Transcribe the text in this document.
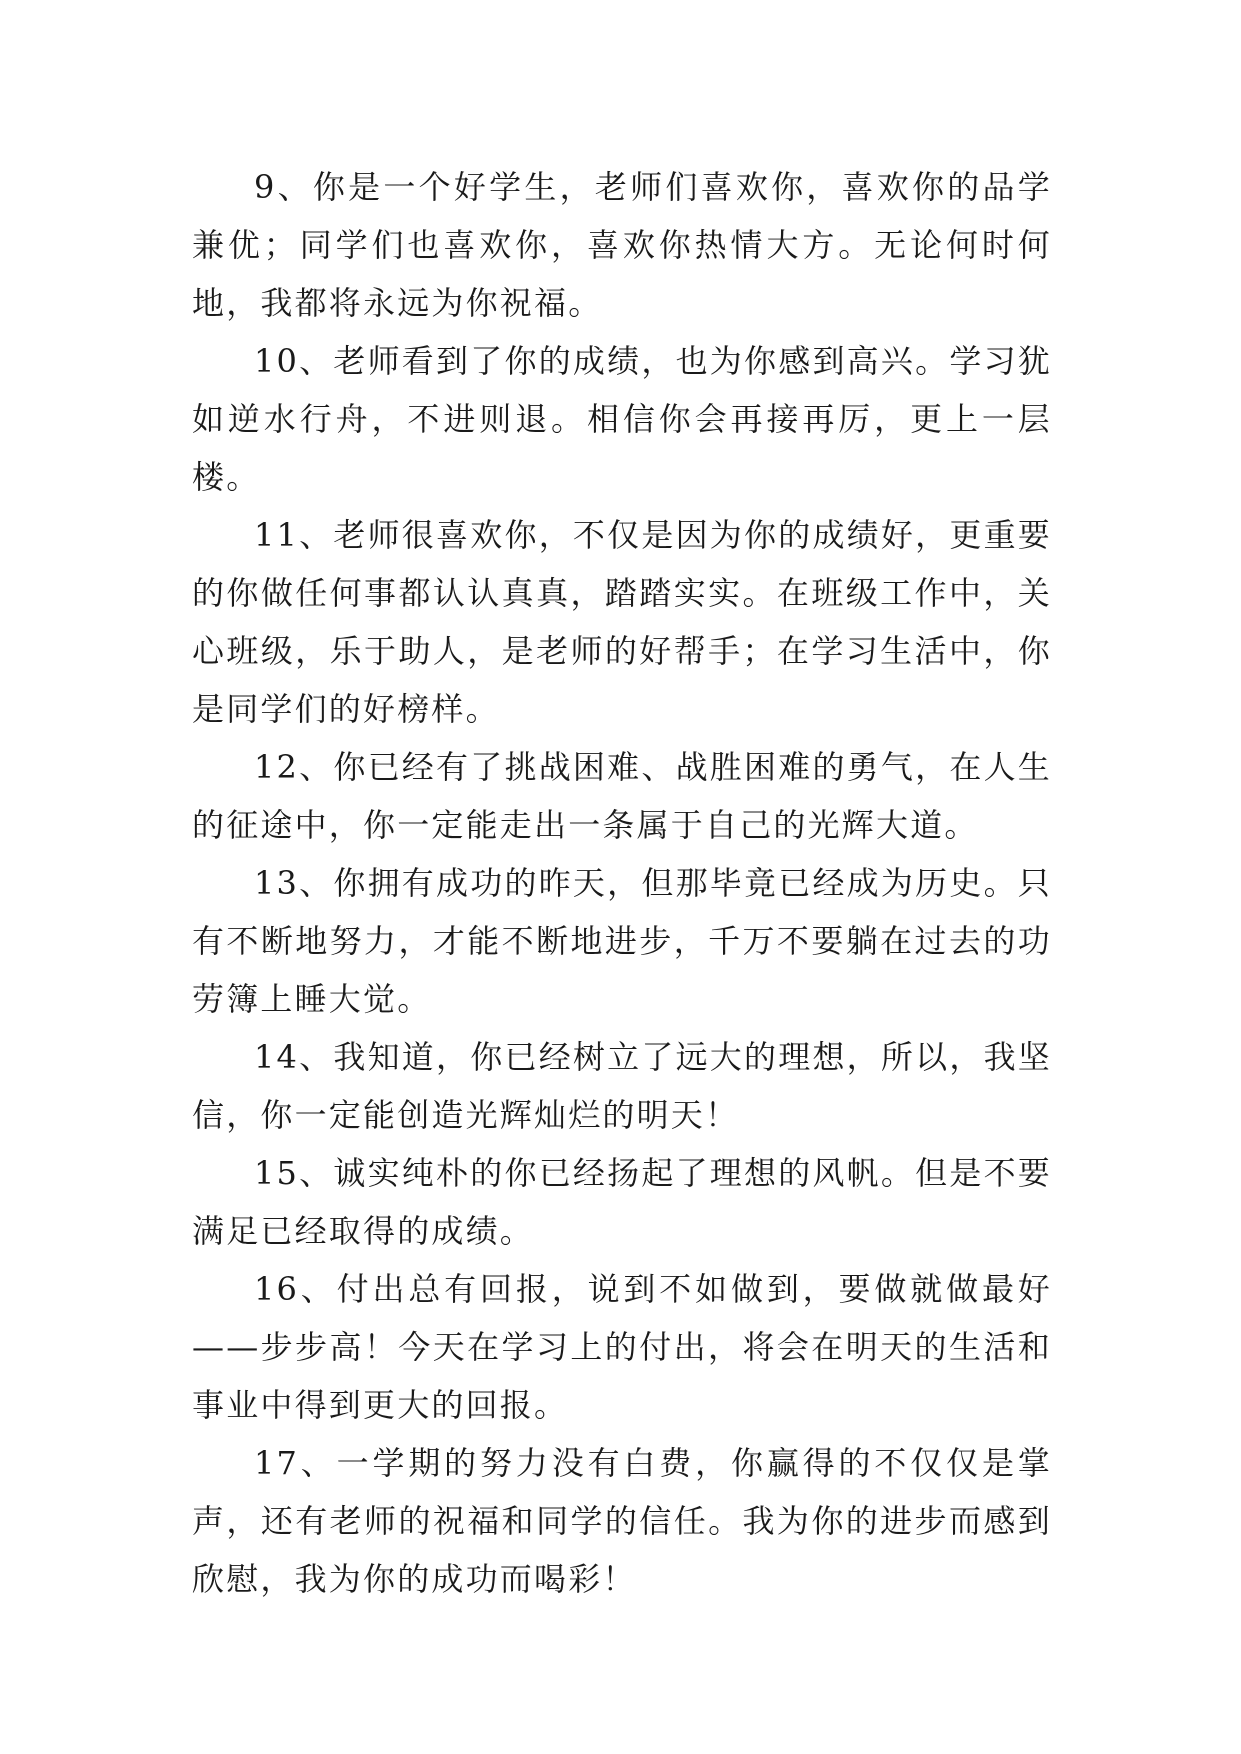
9、你是一个好学生，老师们喜欢你，喜欢你的品学兼优；同学们也喜欢你，喜欢你热情大方。无论何时何地，我都将永远为你祝福。

10、老师看到了你的成绩，也为你感到高兴。学习犹如逆水行舟，不进则退。相信你会再接再厉，更上一层楼。

11、老师很喜欢你，不仅是因为你的成绩好，更重要的你做任何事都认认真真，踏踏实实。在班级工作中，关心班级，乐于助人，是老师的好帮手；在学习生活中，你是同学们的好榜样。

12、你已经有了挑战困难、战胜困难的勇气，在人生的征途中，你一定能走出一条属于自己的光辉大道。

13、你拥有成功的昨天，但那毕竟已经成为历史。只有不断地努力，才能不断地进步，千万不要躺在过去的功劳簿上睡大觉。

14、我知道，你已经树立了远大的理想，所以，我坚信，你一定能创造光辉灿烂的明天！

15、诚实纯朴的你已经扬起了理想的风帆。但是不要满足已经取得的成绩。

16、付出总有回报，说到不如做到，要做就做最好——步步高！今天在学习上的付出，将会在明天的生活和事业中得到更大的回报。

17、一学期的努力没有白费，你赢得的不仅仅是掌声，还有老师的祝福和同学的信任。我为你的进步而感到欣慰，我为你的成功而喝彩！
